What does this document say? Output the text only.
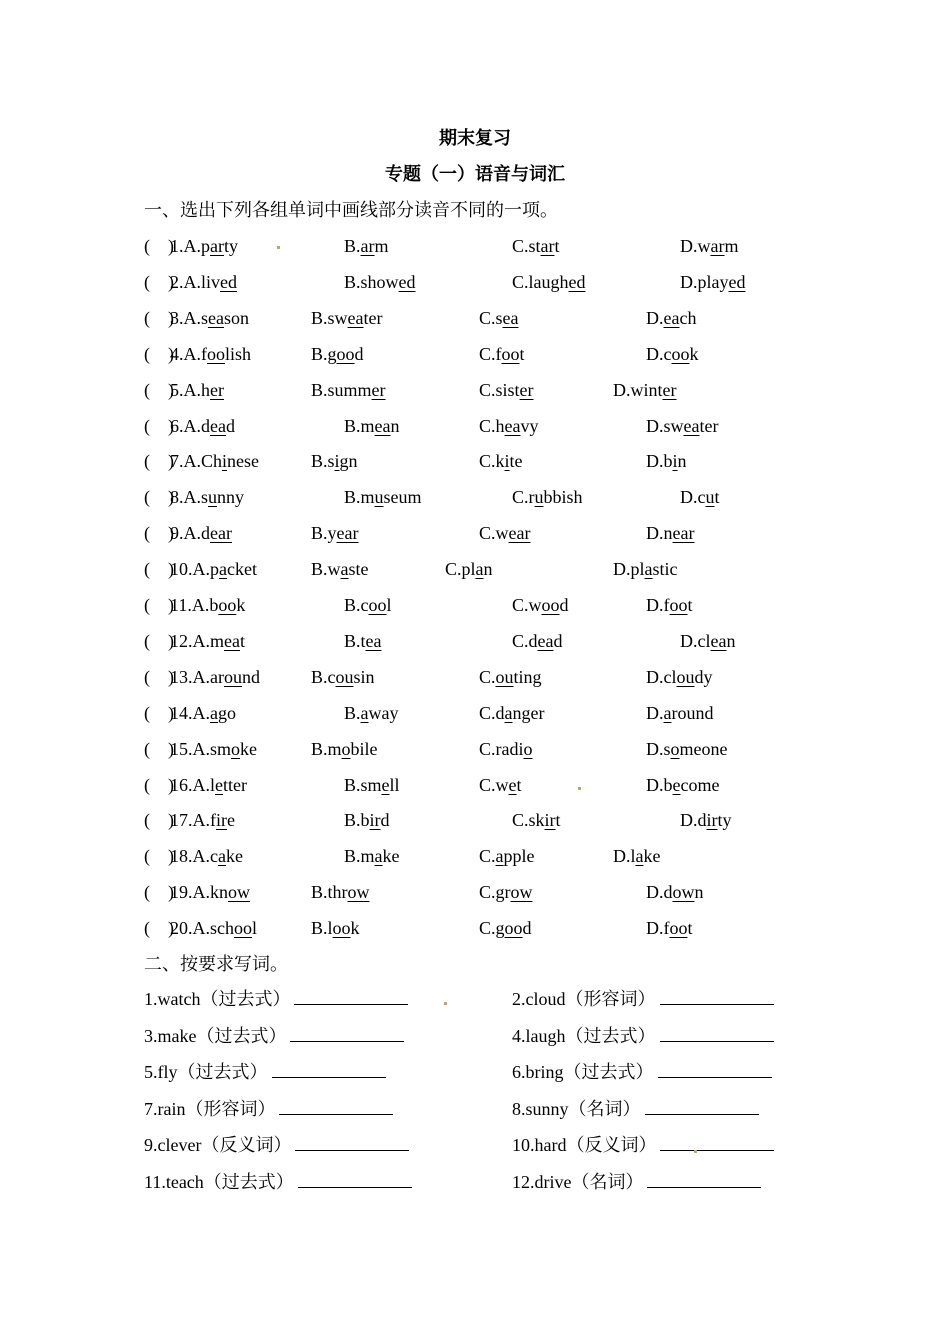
期末复习
专题（一）语音与词汇
一、选出下列各组单词中画线部分读音不同的一项。
(    )
1.A.party	B.arm	C.start	D.warm
(    )
2.A.lived	B.showed	C.laughed	D.played
(    )
3.A.season	B.sweater	C.sea	D.each
(    )
4.A.foolish	B.good	C.foot	D.cook
(    )
5.A.her	B.summer	C.sister	D.winter
(    )
6.A.dead	B.mean	C.heavy	D.sweater
(    )
7.A.Chinese	B.sign	C.kite	D.bin
(    )
8.A.sunny	B.museum	C.rubbish	D.cut
(    )
9.A.dear	B.year	C.wear	D.near
(    )
10.A.packet	B.waste	C.plan	D.plastic
(    )
11.A.book	B.cool	C.wood	D.foot
(    )
12.A.meat	B.tea	C.dead	D.clean
(    )
13.A.around	B.cousin	C.outing	D.cloudy
(    )
14.A.ago	B.away	C.danger	D.around
(    )
15.A.smoke	B.mobile	C.radio	D.someone
(    )
16.A.letter	B.smell	C.wet	D.become
(    )
17.A.fire	B.bird	C.skirt	D.dirty
(    )
18.A.cake	B.make	C.apple	D.lake
(    )
19.A.know	B.throw	C.grow	D.down
(    )
20.A.school	B.look	C.good	D.foot
二、按要求写词。
1.watch（过去式）	2.cloud（形容词）
3.make（过去式）	4.laugh（过去式）
5.fly（过去式）	6.bring（过去式）
7.rain（形容词）	8.sunny（名词）
9.clever（反义词）	10.hard（反义词）
11.teach（过去式）	12.drive（名词）
